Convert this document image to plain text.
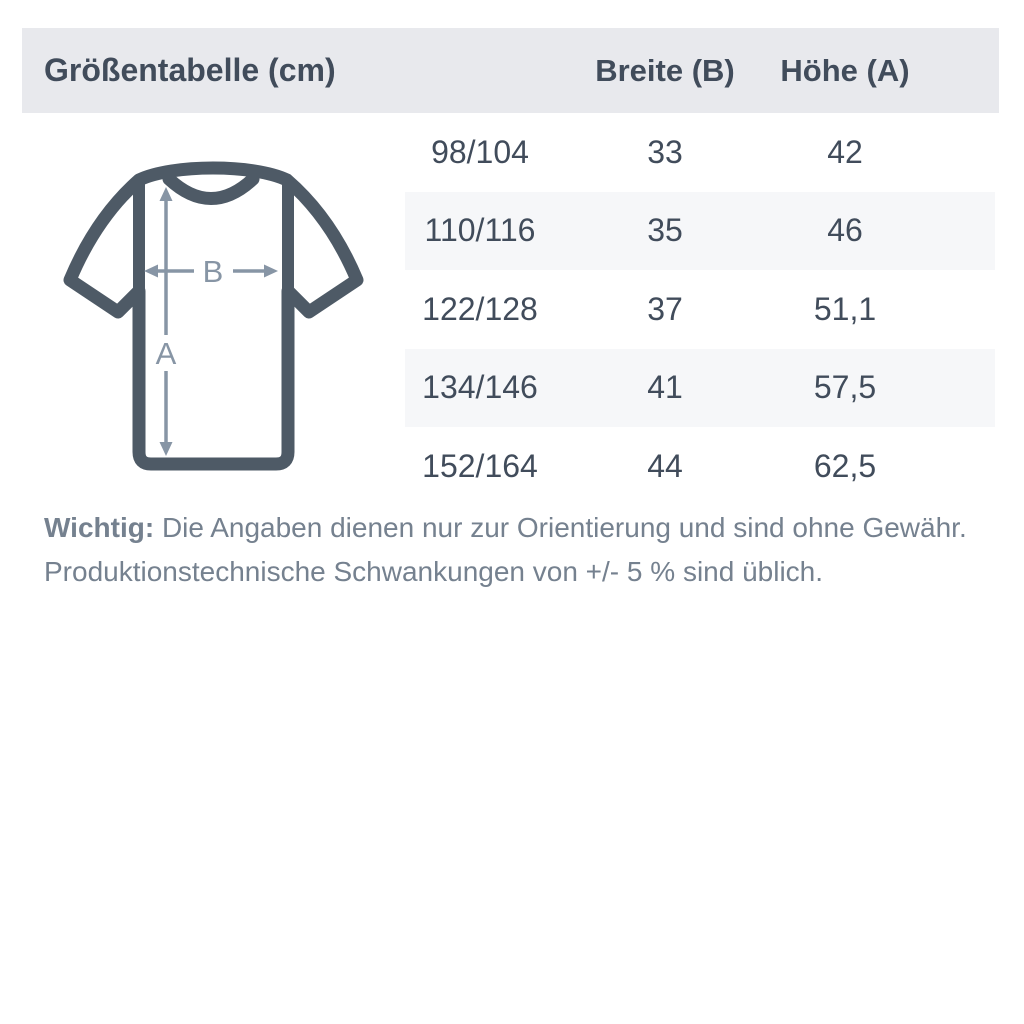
Größentabelle (cm)	Breite (B)	Höhe (A)
A
B
98/104	33	42
110/116	35	46
122/128	37	51,1
134/146	41	57,5
152/164	44	62,5
Wichtig: Die Angaben dienen nur zur Orientierung und sind ohne Gewähr.
Produktionstechnische Schwankungen von +/- 5 % sind üblich.
